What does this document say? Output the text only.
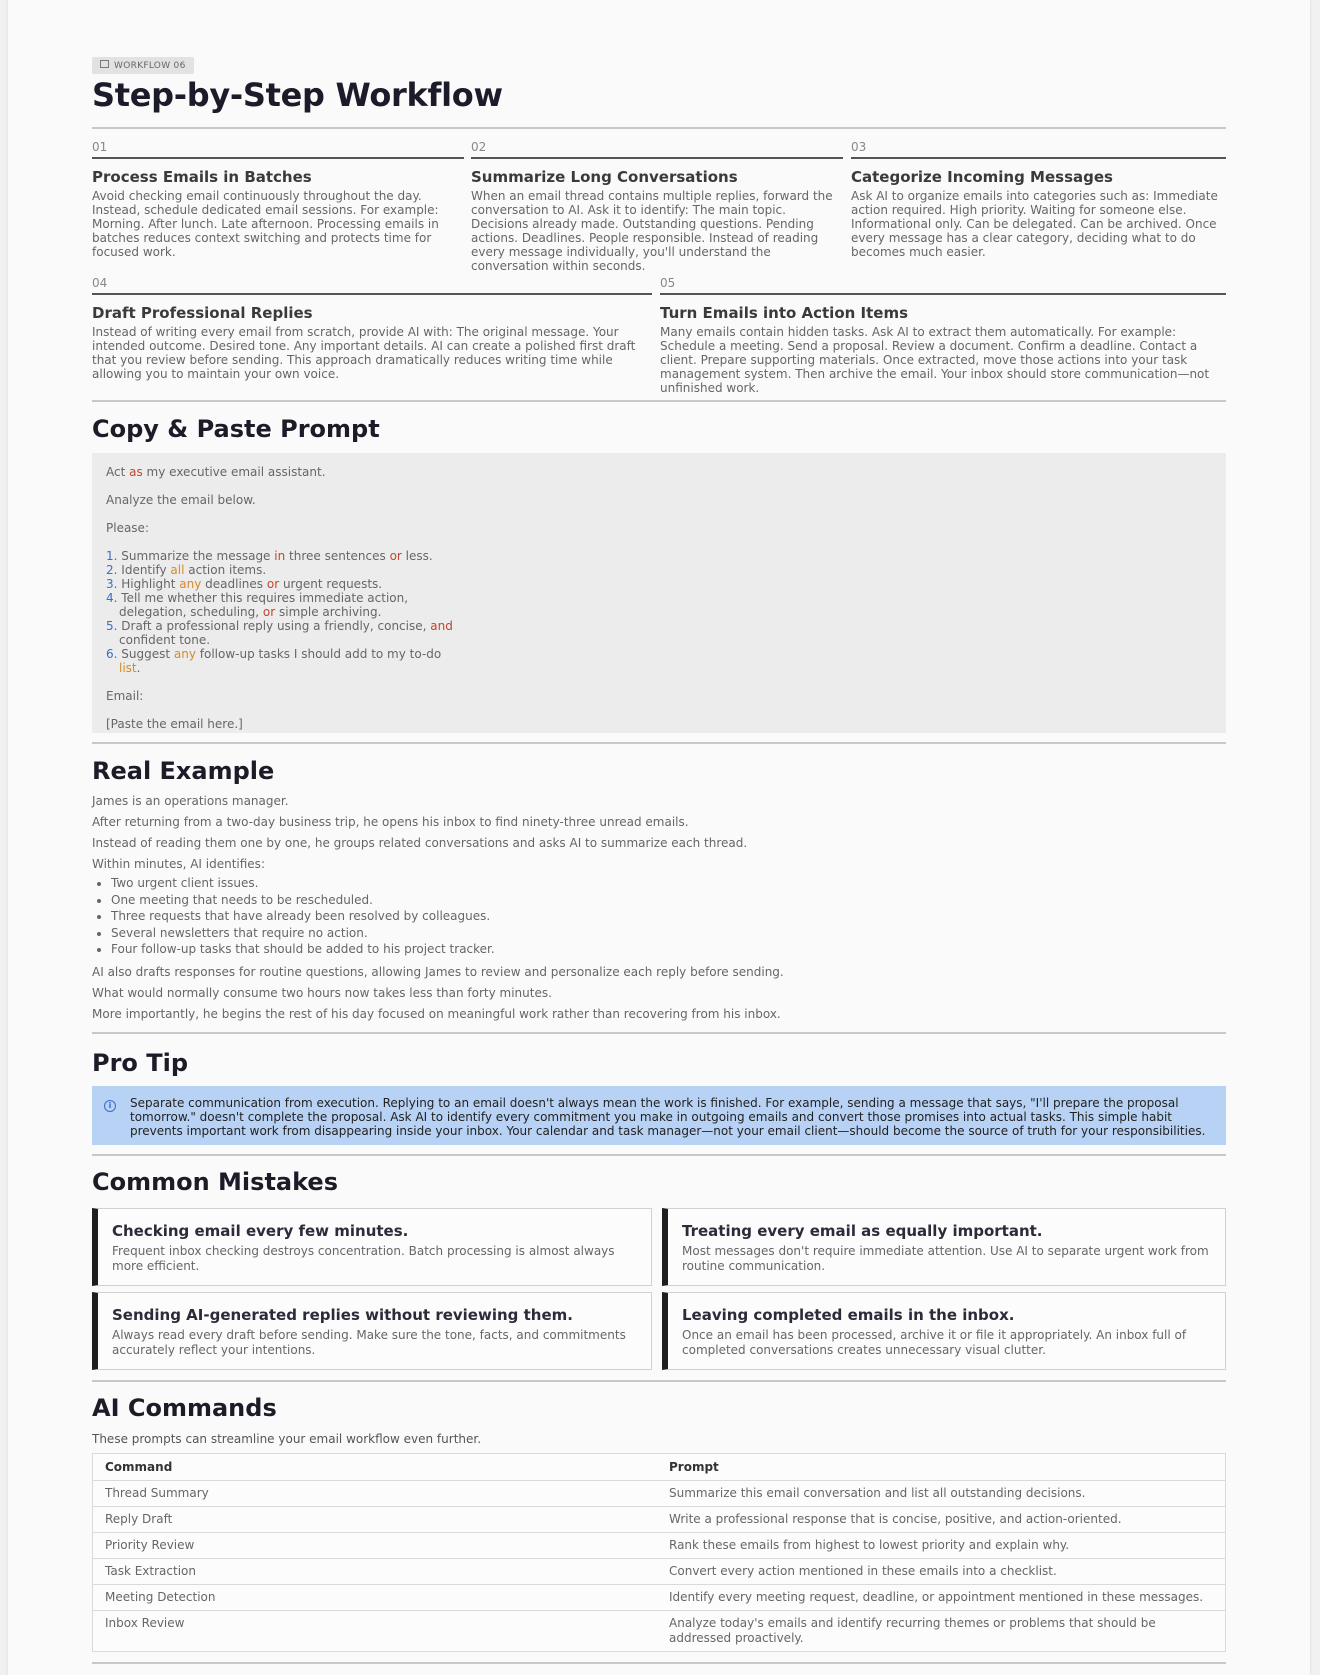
WORKFLOW 06
Step-by-Step Workflow
01
Process Emails in Batches

Avoid checking email continuously throughout the day. Instead, schedule dedicated email sessions. For example: Morning. After lunch. Late afternoon. Processing emails in batches reduces context switching and protects time for focused work.

02
Summarize Long Conversations

When an email thread contains multiple replies, forward the conversation to AI. Ask it to identify: The main topic. Decisions already made. Outstanding questions. Pending actions. Deadlines. People responsible. Instead of reading every message individually, you'll understand the conversation within seconds.

03
Categorize Incoming Messages

Ask AI to organize emails into categories such as: Immediate action required. High priority. Waiting for someone else. Informational only. Can be delegated. Can be archived. Once every message has a clear category, deciding what to do becomes much easier.

04
Draft Professional Replies

Instead of writing every email from scratch, provide AI with: The original message. Your intended outcome. Desired tone. Any important details. AI can create a polished first draft that you review before sending. This approach dramatically reduces writing time while allowing you to maintain your own voice.

05
Turn Emails into Action Items

Many emails contain hidden tasks. Ask AI to extract them automatically. For example: Schedule a meeting. Send a proposal. Review a document. Confirm a deadline. Contact a client. Prepare supporting materials. Once extracted, move those actions into your task management system. Then archive the email. Your inbox should store communication—not unfinished work.

Copy & Paste Prompt
Act as my executive email assistant.
Analyze the email below.
Please:
1. Summarize the message in three sentences or less.
2. Identify all action items.
3. Highlight any deadlines or urgent requests.
4. Tell me whether this requires immediate action, delegation, scheduling, or simple archiving.
5. Draft a professional reply using a friendly, concise, and confident tone.
6. Suggest any follow-up tasks I should add to my to-do list.
Email:
[Paste the email here.]
Real Example

James is an operations manager.

After returning from a two-day business trip, he opens his inbox to find ninety-three unread emails.

Instead of reading them one by one, he groups related conversations and asks AI to summarize each thread.

Within minutes, AI identifies:

• Two urgent client issues.
• One meeting that needs to be rescheduled.
• Three requests that have already been resolved by colleagues.
• Several newsletters that require no action.
• Four follow-up tasks that should be added to his project tracker.

AI also drafts responses for routine questions, allowing James to review and personalize each reply before sending.

What would normally consume two hours now takes less than forty minutes.

More importantly, he begins the rest of his day focused on meaningful work rather than recovering from his inbox.

Pro Tip
i	Separate communication from execution. Replying to an email doesn't always mean the work is finished. For example, sending a message that says, "I'll prepare the proposal tomorrow." doesn't complete the proposal. Ask AI to identify every commitment you make in outgoing emails and convert those promises into actual tasks. This simple habit prevents important work from disappearing inside your inbox. Your calendar and task manager—not your email client—should become the source of truth for your responsibilities.
Common Mistakes
Checking email every few minutes.

Frequent inbox checking destroys concentration. Batch processing is almost always more efficient.

Treating every email as equally important.

Most messages don't require immediate attention. Use AI to separate urgent work from routine communication.

Sending AI-generated replies without reviewing them.

Always read every draft before sending. Make sure the tone, facts, and commitments accurately reflect your intentions.

Leaving completed emails in the inbox.

Once an email has been processed, archive it or file it appropriately. An inbox full of completed conversations creates unnecessary visual clutter.

AI Commands
These prompts can streamline your email workflow even further.
Command	Prompt
Thread Summary	Summarize this email conversation and list all outstanding decisions.
Reply Draft	Write a professional response that is concise, positive, and action-oriented.
Priority Review	Rank these emails from highest to lowest priority and explain why.
Task Extraction	Convert every action mentioned in these emails into a checklist.
Meeting Detection	Identify every meeting request, deadline, or appointment mentioned in these messages.
Inbox Review	Analyze today's emails and identify recurring themes or problems that should be addressed proactively.
